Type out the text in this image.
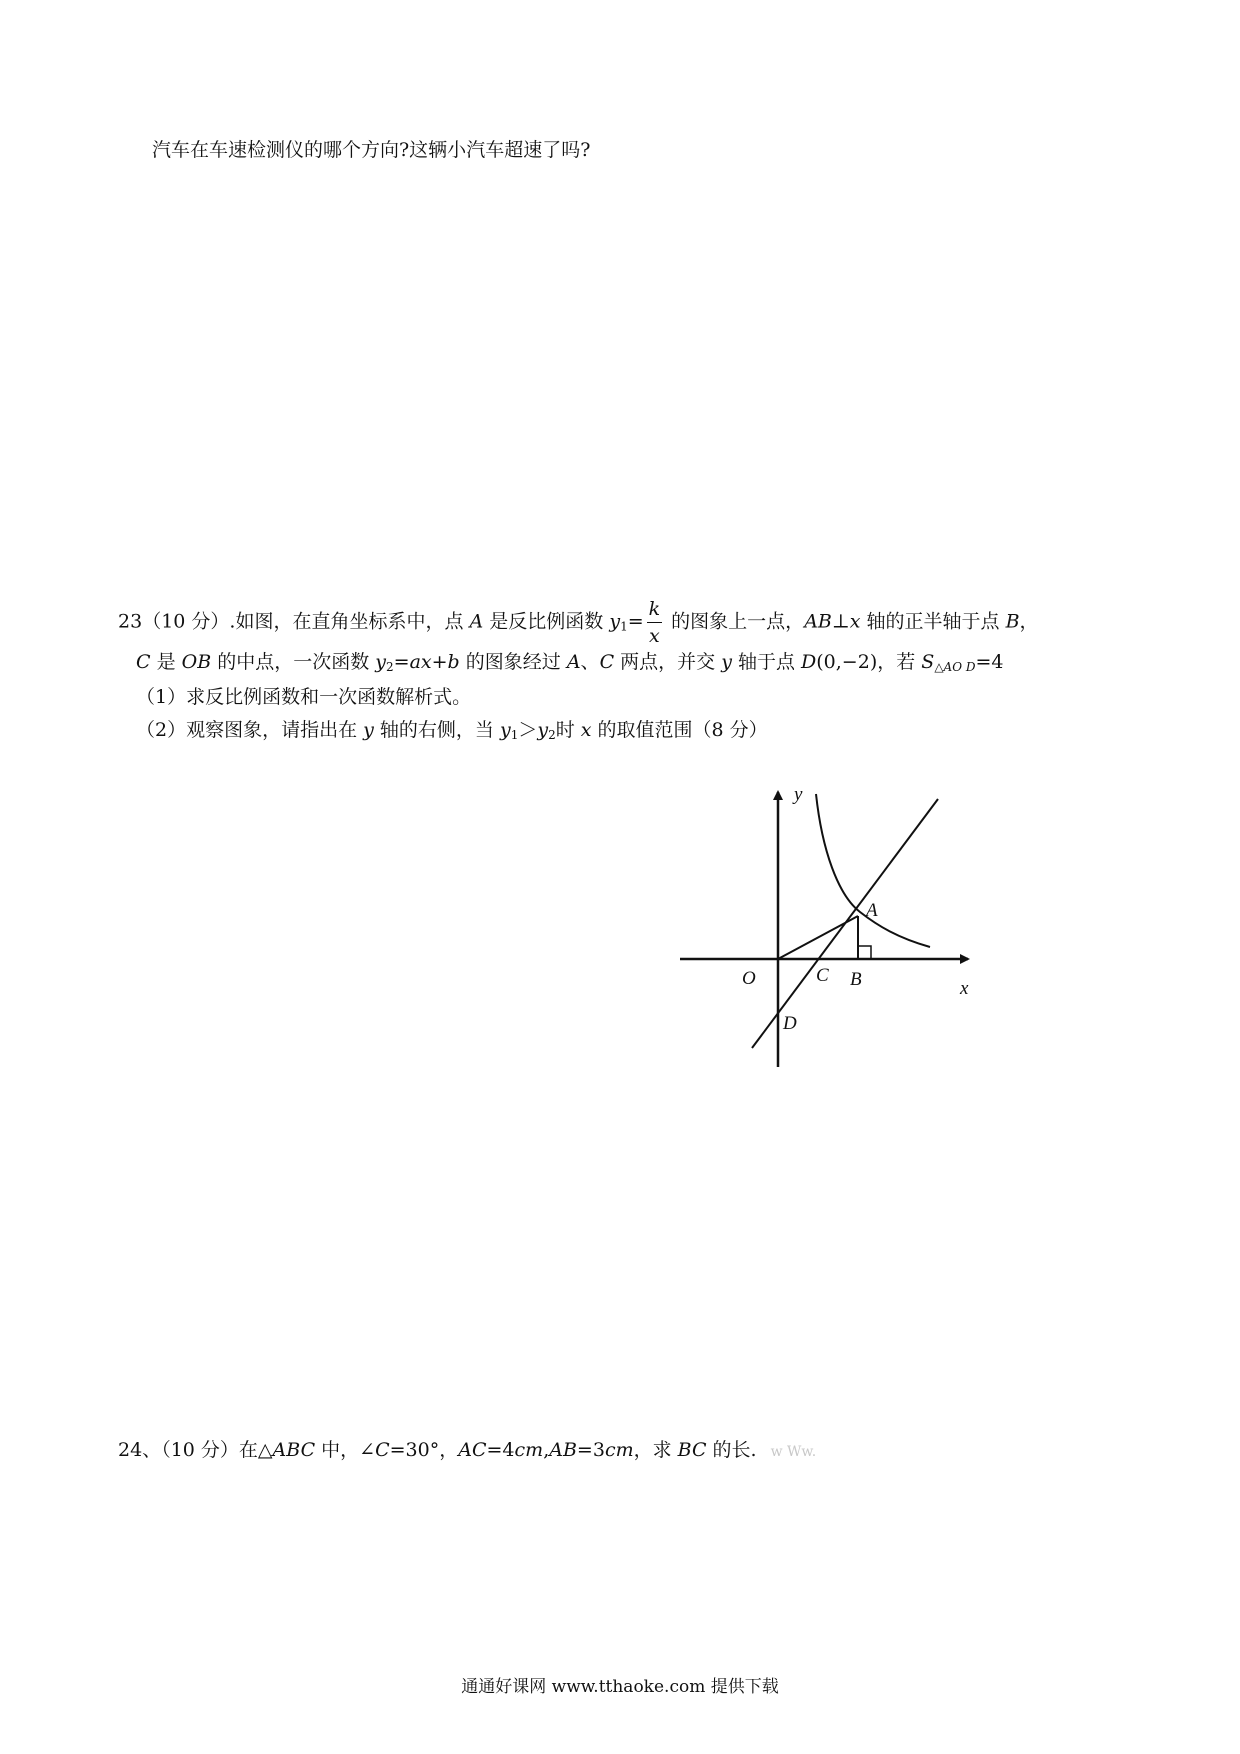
汽车在车速检测仪的哪个方向?这辆小汽车超速了吗?
23（10 分）.如图，在直角坐标系中，点 A 是反比例函数 $y_1= \frac{k}{x}$ 的图象上一点，AB⊥x 轴的正半轴于点 B，
C 是 OB 的中点，一次函数 $y_2=ax+b$ 的图象经过 A、C 两点，并交 y 轴于点 D(0,−2)，若 $S_{\triangle AO D}=4$
（1）求反比例函数和一次函数解析式。
（2）观察图象，请指出在 y 轴的右侧，当 $y_1>y_2$时 x 的取值范围（8 分）
y
x
O
A
B
C
D
24、（10 分）在△ABC 中，∠C=30°，AC=4cm,AB=3cm，求 BC 的长. w Ww.
通通好课网 www.tthaoke.com 提供下载
